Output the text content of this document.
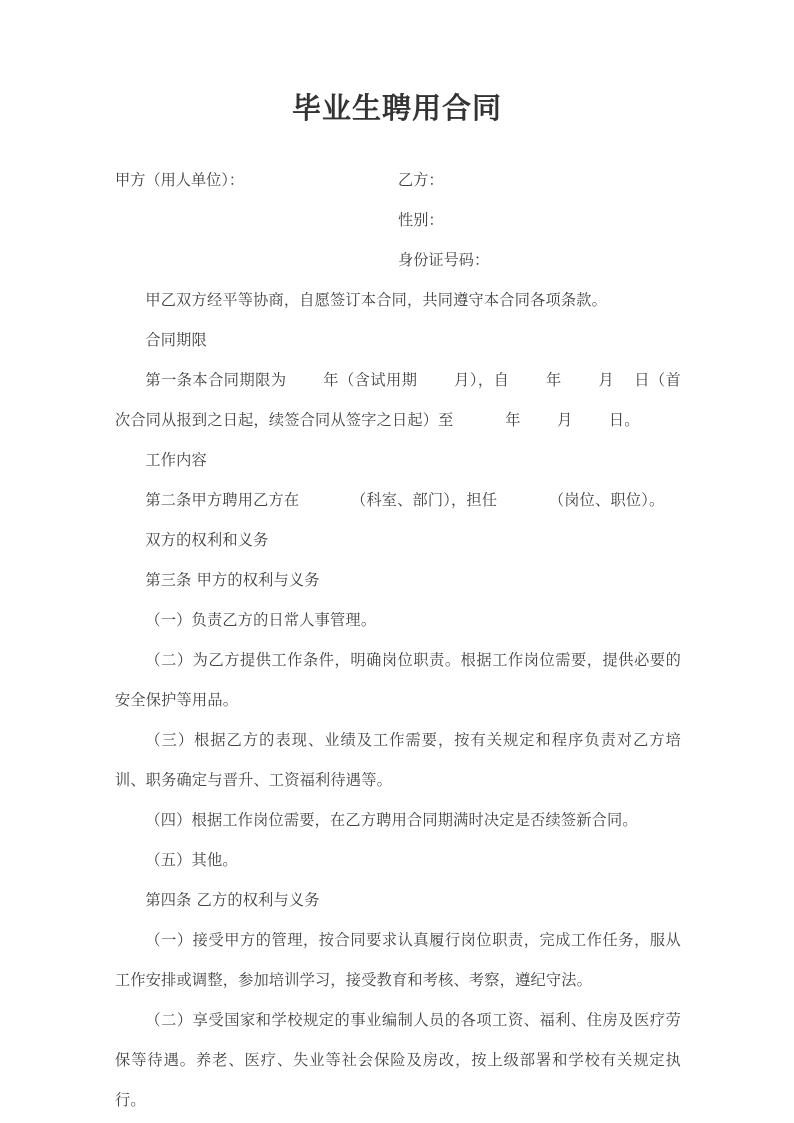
毕业生聘用合同
甲方（用人单位）：	乙方：
性别：
身份证号码：

甲乙双方经平等协商，自愿签订本合同，共同遵守本合同各项条款。

合同期限

第一条本合同期限为 年（含试用期 月），自 年 月 日（首次合同从报到之日起，续签合同从签字之日起）至	年 月 日。

工作内容

第二条甲方聘用乙方在	（科室、部门），担任	（岗位、职位）。

双方的权利和义务

第三条 甲方的权利与义务

（一）负责乙方的日常人事管理。

（二）为乙方提供工作条件，明确岗位职责。根据工作岗位需要，提供必要的安全保护等用品。

（三）根据乙方的表现、业绩及工作需要，按有关规定和程序负责对乙方培训、职务确定与晋升、工资福利待遇等。

（四）根据工作岗位需要，在乙方聘用合同期满时决定是否续签新合同。

（五）其他。

第四条 乙方的权利与义务

（一）接受甲方的管理，按合同要求认真履行岗位职责，完成工作任务，服从工作安排或调整，参加培训学习，接受教育和考核、考察，遵纪守法。

（二）享受国家和学校规定的事业编制人员的各项工资、福利、住房及医疗劳保等待遇。养老、医疗、失业等社会保险及房改，按上级部署和学校有关规定执行。
